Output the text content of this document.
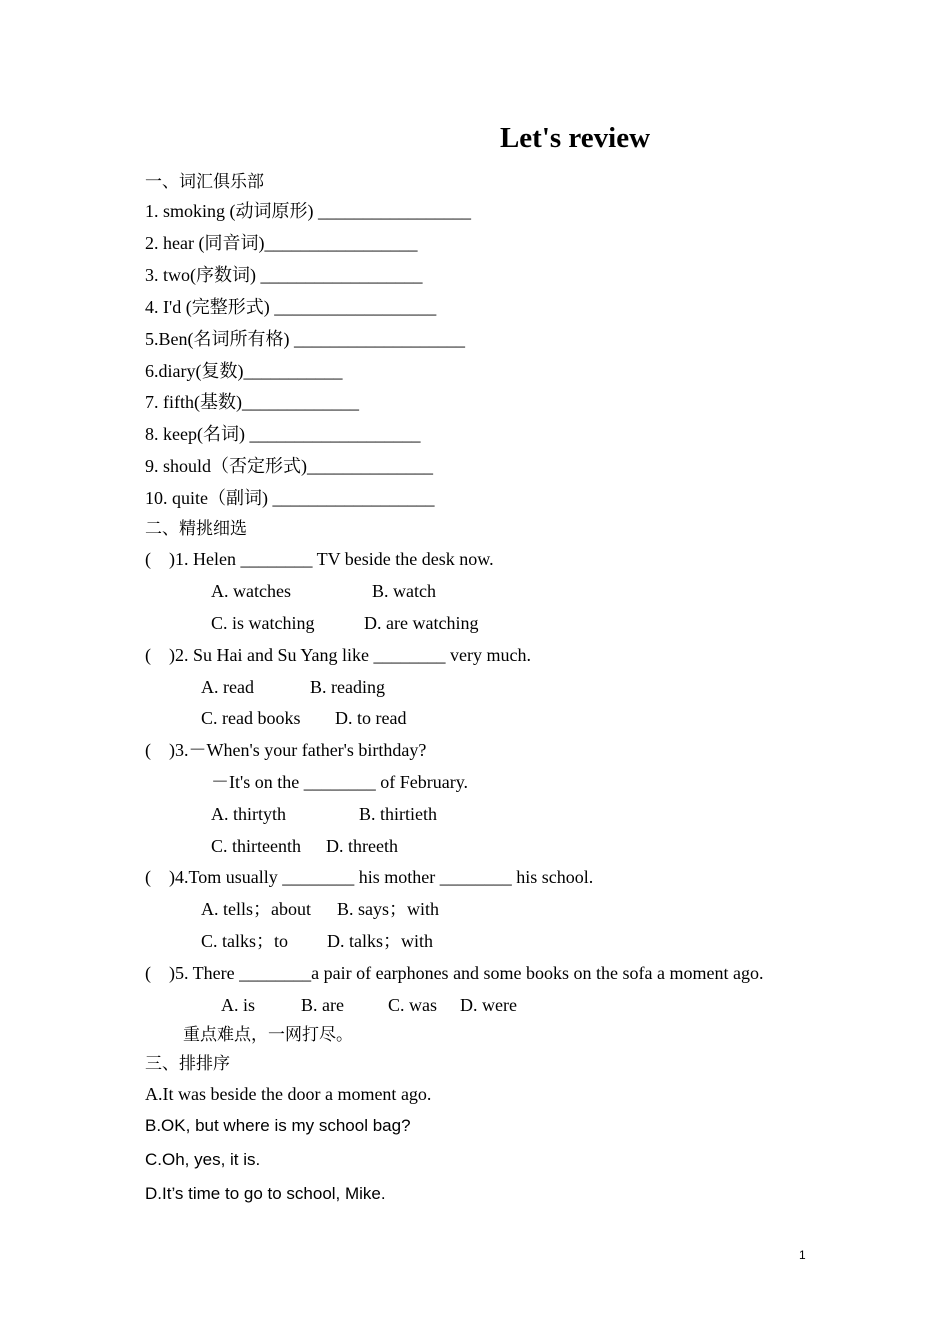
Let's review
一、词汇俱乐部
1. smoking (动词原形) _________________
2. hear (同音词)_________________
3. two(序数词) __________________
4. I'd (完整形式) __________________
5.Ben(名词所有格) ___________________
6.diary(复数)___________
7. fifth(基数)_____________
8. keep(名词) ___________________
9. should（否定形式)______________
10. quite（副词) __________________
二、精挑细选
(    )1. Helen ________ TV beside the desk now.
A. watches	B. watch
C. is watching	D. are watching
(    )2. Su Hai and Su Yang like ________ very much.
A. read	B. reading
C. read books D. to read
(    )3.－When's your father's birthday?
－It's on the ________ of February.
A. thirtyth	B. thirtieth
C. thirteenth D. threeth
(    )4.Tom usually ________ his mother ________ his school.
A. tells；about B. says；with
C. talks；to D. talks；with
(    )5. There ________a pair of earphones and some books on the sofa a moment ago.
A. is	B. are C. was D. were
重点难点，一网打尽。
三、排排序
A.It was beside the door a moment ago.
B.OK, but where is my school bag?
C.Oh, yes, it is.
D.It’s time to go to school, Mike.
1
